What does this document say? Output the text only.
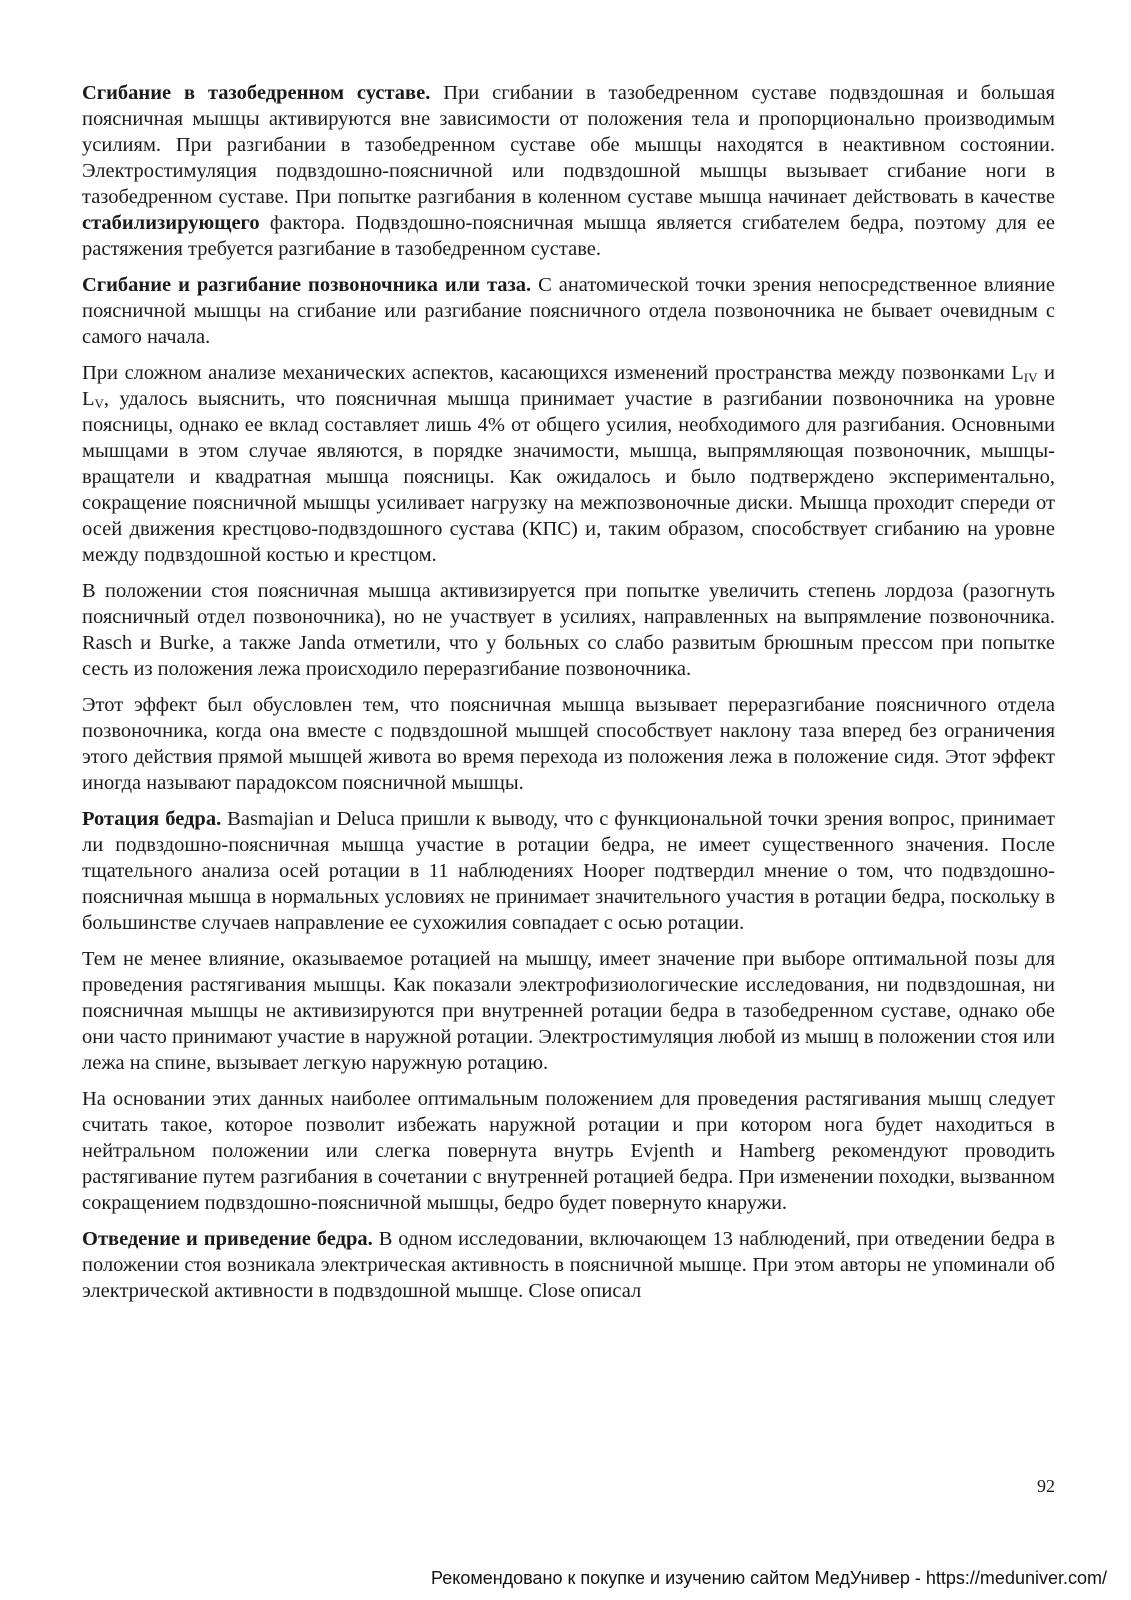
Сгибание в тазобедренном суставе. При сгибании в тазобедренном суставе подвздошная и большая поясничная мышцы активируются вне зависимости от положения тела и пропорционально производимым усилиям. При разгибании в тазобедренном суставе обе мышцы находятся в неактивном состоянии. Электростимуляция подвздошно-поясничной или подвздошной мышцы вызывает сгибание ноги в тазобедренном суставе. При попытке разгибания в коленном суставе мышца начинает действовать в качестве стабилизирующего фактора. Подвздошно-поясничная мышца является сгибателем бедра, поэтому для ее растяжения требуется разгибание в тазобедренном суставе.

Сгибание и разгибание позвоночника или таза. С анатомической точки зрения непосредственное влияние поясничной мышцы на сгибание или разгибание поясничного отдела позвоночника не бывает очевидным с самого начала.

При сложном анализе механических аспектов, касающихся изменений пространства между позвонками $L_{IV}$ и $L_V$, удалось выяснить, что поясничная мышца принимает участие в разгибании позвоночника на уровне поясницы, однако ее вклад составляет лишь 4% от общего усилия, необходимого для разгибания. Основными мышцами в этом случае являются, в порядке значимости, мышца, выпрямляющая позвоночник, мышцы-вращатели и квадратная мышца поясницы. Как ожидалось и было подтверждено экспериментально, сокращение поясничной мышцы усиливает нагрузку на межпозвоночные диски. Мышца проходит спереди от осей движения крестцово-подвздошного сустава (КПС) и, таким образом, способствует сгибанию на уровне между подвздошной костью и крестцом.

В положении стоя поясничная мышца активизируется при попытке увеличить степень лордоза (разогнуть поясничный отдел позвоночника), но не участвует в усилиях, направленных на выпрямление позвоночника. Rasch и Burke, а также Janda отметили, что у больных со слабо развитым брюшным прессом при попытке сесть из положения лежа происходило переразгибание позвоночника.

Этот эффект был обусловлен тем, что поясничная мышца вызывает переразгибание поясничного отдела позвоночника, когда она вместе с подвздошной мышцей способствует наклону таза вперед без ограничения этого действия прямой мышцей живота во время перехода из положения лежа в положение сидя. Этот эффект иногда называют парадоксом поясничной мышцы.

Ротация бедра. Basmajian и Deluca пришли к выводу, что с функциональной точки зрения вопрос, принимает ли подвздошно-поясничная мышца участие в ротации бедра, не имеет существенного значения. После тщательного анализа осей ротации в 11 наблюдениях Hooper подтвердил мнение о том, что подвздошно-поясничная мышца в нормальных условиях не принимает значительного участия в ротации бедра, поскольку в большинстве случаев направление ее сухожилия совпадает с осью ротации.

Тем не менее влияние, оказываемое ротацией на мышцу, имеет значение при выборе оптимальной позы для проведения растягивания мышцы. Как показали электрофизиологические исследования, ни подвздошная, ни поясничная мышцы не активизируются при внутренней ротации бедра в тазобедренном суставе, однако обе они часто принимают участие в наружной ротации. Электростимуляция любой из мышц в положении стоя или лежа на спине, вызывает легкую наружную ротацию.

На основании этих данных наиболее оптимальным положением для проведения растягивания мышц следует считать такое, которое позволит избежать наружной ротации и при котором нога будет находиться в нейтральном положении или слегка повернута внутрь Evjenth и Hamberg рекомендуют проводить растягивание путем разгибания в сочетании с внутренней ротацией бедра. При изменении походки, вызванном сокращением подвздошно-поясничной мышцы, бедро будет повернуто кнаружи.

Отведение и приведение бедра. В одном исследовании, включающем 13 наблюдений, при отведении бедра в положении стоя возникала электрическая активность в поясничной мышце. При этом авторы не упоминали об электрической активности в подвздошной мышце. Close описал

92
Рекомендовано к покупке и изучению сайтом МедУнивер - https://meduniver.com/
